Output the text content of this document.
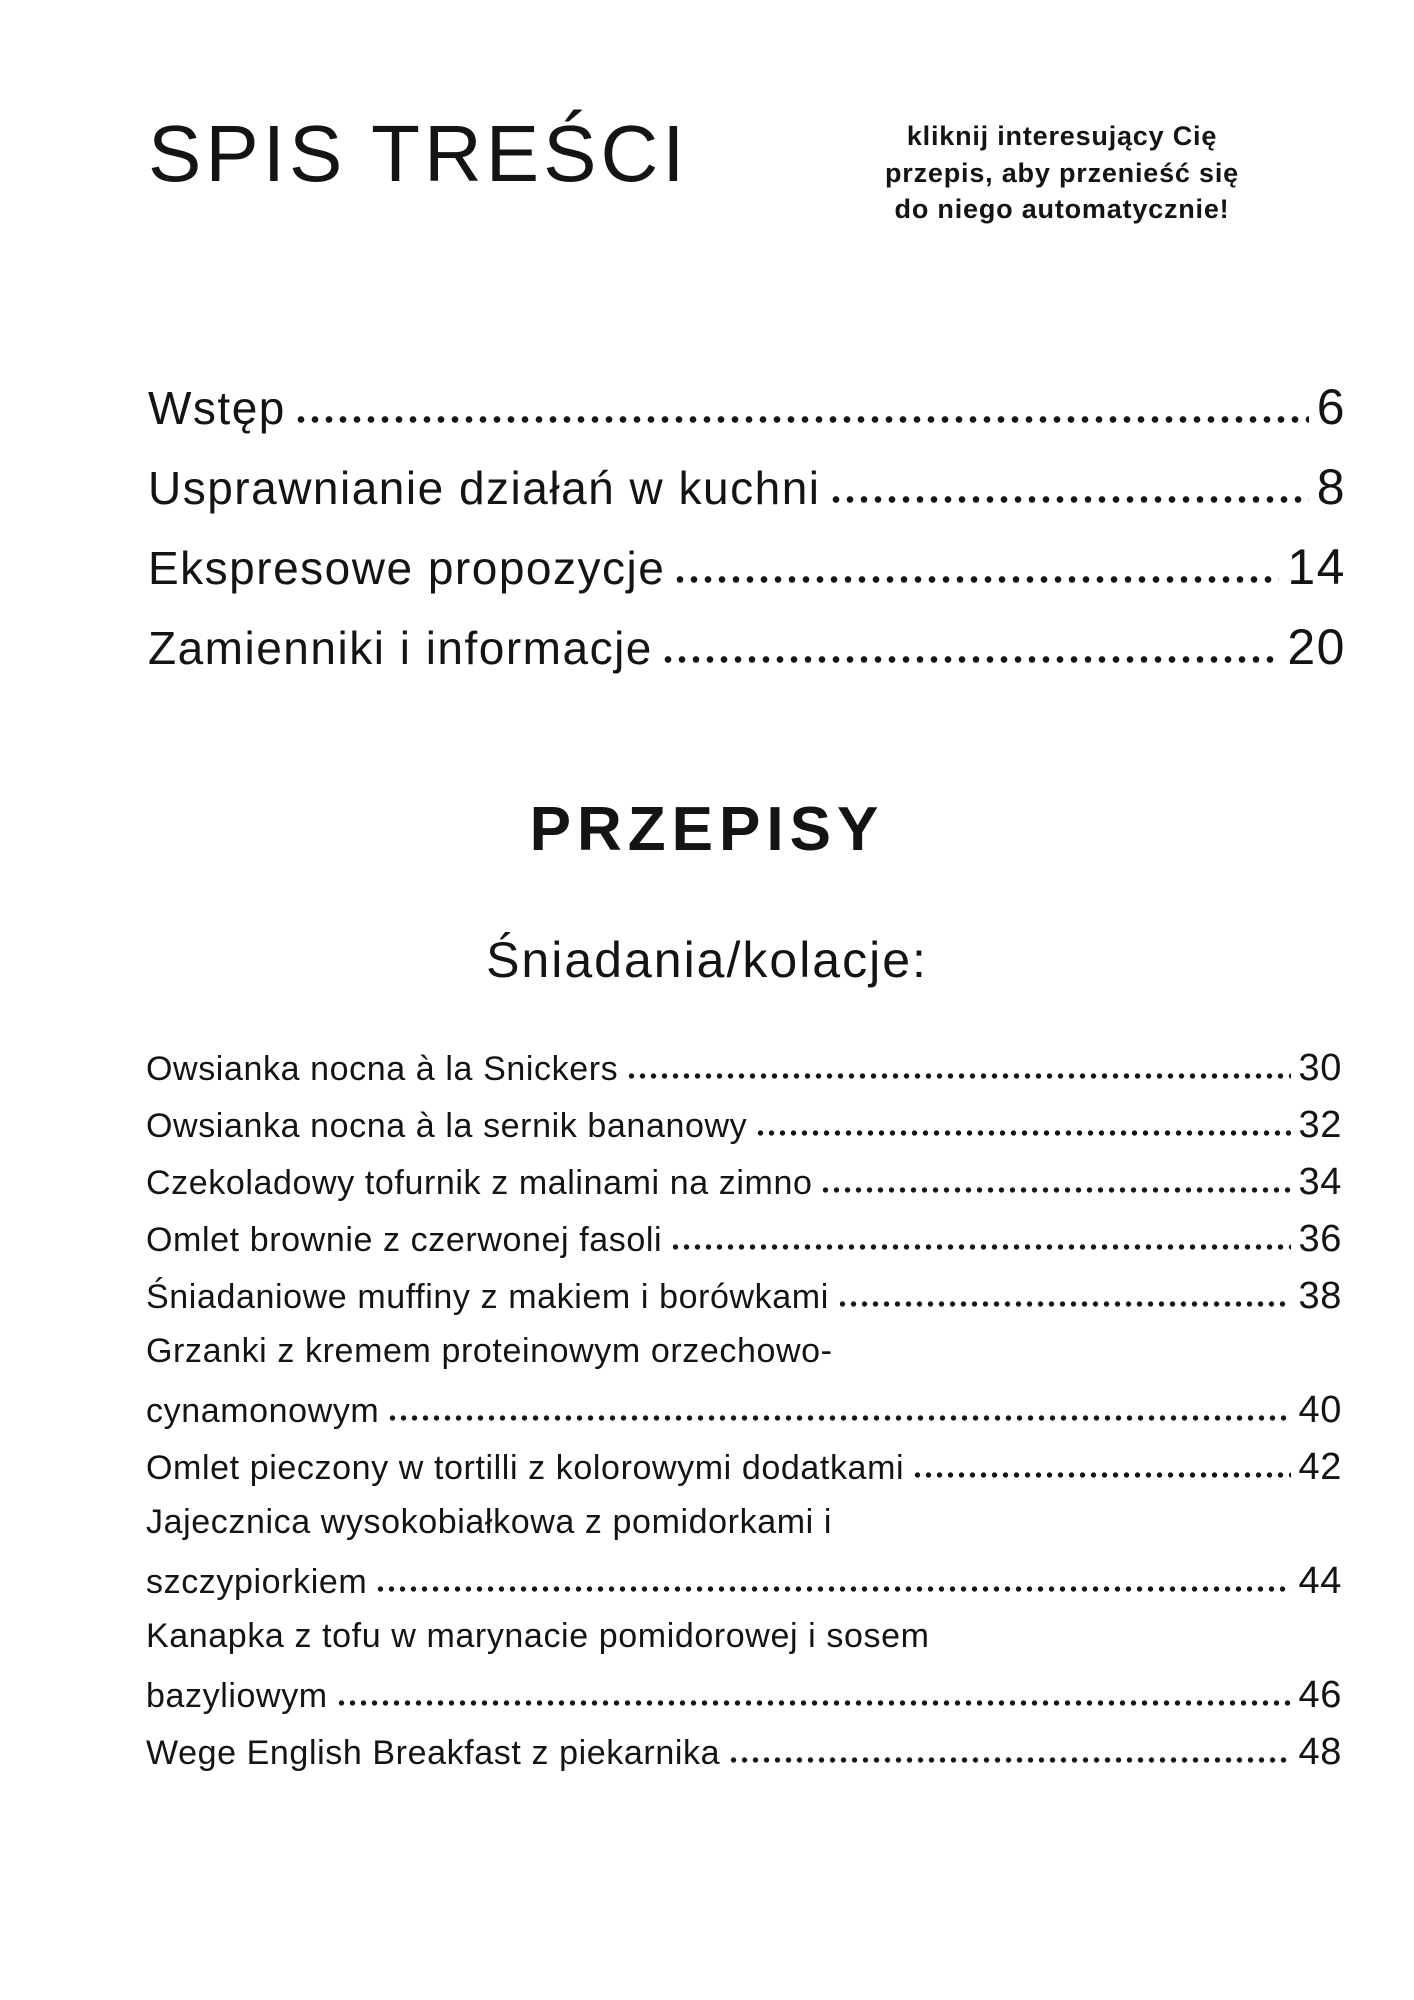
SPIS TREŚCI	kliknij interesujący Cię
przepis, aby przenieść się
do niego automatycznie!
Wstęp	6
Usprawnianie działań w kuchni	8
Ekspresowe propozycje	14
Zamienniki i informacje	20
PRZEPISY
Śniadania/kolacje:
Owsianka nocna à la Snickers	30
Owsianka nocna à la sernik bananowy	32
Czekoladowy tofurnik z malinami na zimno	34
Omlet brownie z czerwonej fasoli	36
Śniadaniowe muffiny z makiem i borówkami	38
Grzanki z kremem proteinowym orzechowo-
cynamonowym	40
Omlet pieczony w tortilli z kolorowymi dodatkami	42
Jajecznica wysokobiałkowa z pomidorkami i
szczypiorkiem	44
Kanapka z tofu w marynacie pomidorowej i sosem
bazyliowym	46
Wege English Breakfast z piekarnika	48
